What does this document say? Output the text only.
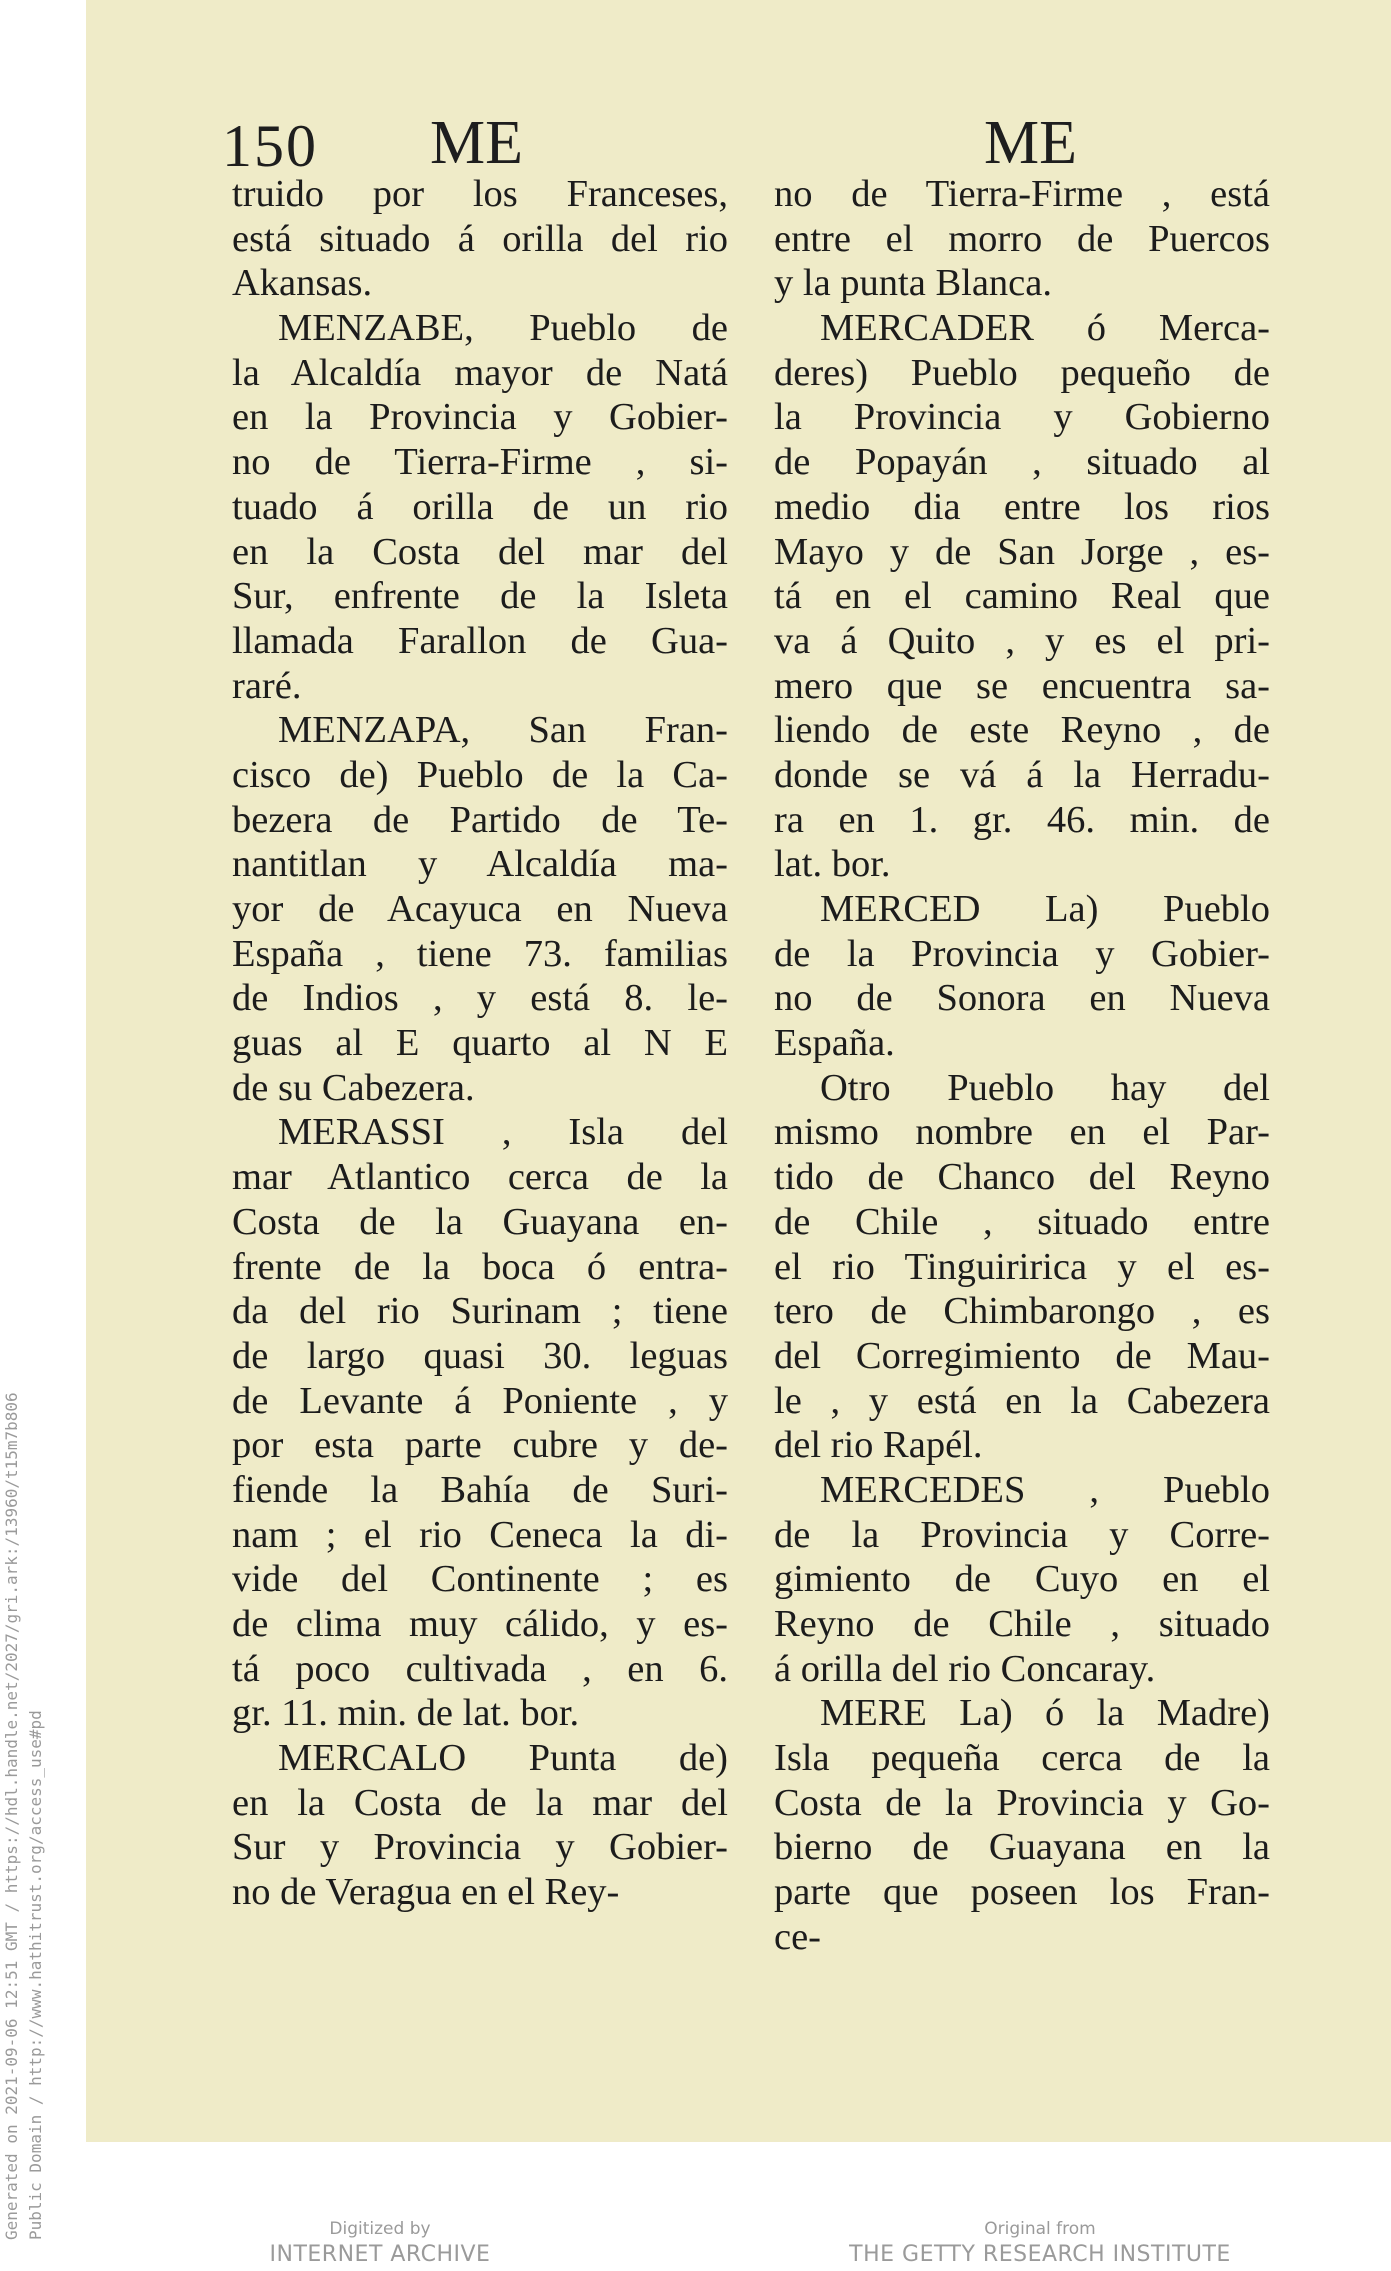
Generated on 2021-09-06 12:51 GMT / https://hdl.handle.net/2027/gri.ark:/13960/t15m7b806 Public Domain / http://www.hathitrust.org/access_use#pd
150 ME	ME
truido por los Franceses,
está situado á orilla del rio
Akansas.
MENZABE, Pueblo de
la Alcaldía mayor de Natá
en la Provincia y Gobier-
no de Tierra-Firme , si-
tuado á orilla de un rio
en la Costa del mar del
Sur, enfrente de la Isleta
llamada Farallon de Gua-
raré.
MENZAPA, San Fran-
cisco de) Pueblo de la Ca-
bezera de Partido de Te-
nantitlan y Alcaldía ma-
yor de Acayuca en Nueva
España , tiene 73. familias
de Indios , y está 8. le-
guas al E quarto al N E
de su Cabezera.
MERASSI , Isla del
mar Atlantico cerca de la
Costa de la Guayana en-
frente de la boca ó entra-
da del rio Surinam ; tiene
de largo quasi 30. leguas
de Levante á Poniente , y
por esta parte cubre y de-
fiende la Bahía de Suri-
nam ; el rio Ceneca la di-
vide del Continente ; es
de clima muy cálido, y es-
tá poco cultivada , en 6.
gr. 11. min. de lat. bor.
MERCALO Punta de)
en la Costa de la mar del
Sur y Provincia y Gobier-
no de Veragua en el Rey-
no de Tierra-Firme , está
entre el morro de Puercos
y la punta Blanca.
MERCADER ó Merca-
deres) Pueblo pequeño de
la Provincia y Gobierno
de Popayán , situado al
medio dia entre los rios
Mayo y de San Jorge , es-
tá en el camino Real que
va á Quito , y es el pri-
mero que se encuentra sa-
liendo de este Reyno , de
donde se vá á la Herradu-
ra en 1. gr. 46. min. de
lat. bor.
MERCED La) Pueblo
de la Provincia y Gobier-
no de Sonora en Nueva
España.
Otro Pueblo hay del
mismo nombre en el Par-
tido de Chanco del Reyno
de Chile , situado entre
el rio Tinguiririca y el es-
tero de Chimbarongo , es
del Corregimiento de Mau-
le , y está en la Cabezera
del rio Rapél.
MERCEDES , Pueblo
de la Provincia y Corre-
gimiento de Cuyo en el
Reyno de Chile , situado
á orilla del rio Concaray.
MERE La) ó la Madre)
Isla pequeña cerca de la
Costa de la Provincia y Go-
bierno de Guayana en la
parte que poseen los Fran-
ce-
Digitized by
INTERNET ARCHIVE
Original from
THE GETTY RESEARCH INSTITUTE
